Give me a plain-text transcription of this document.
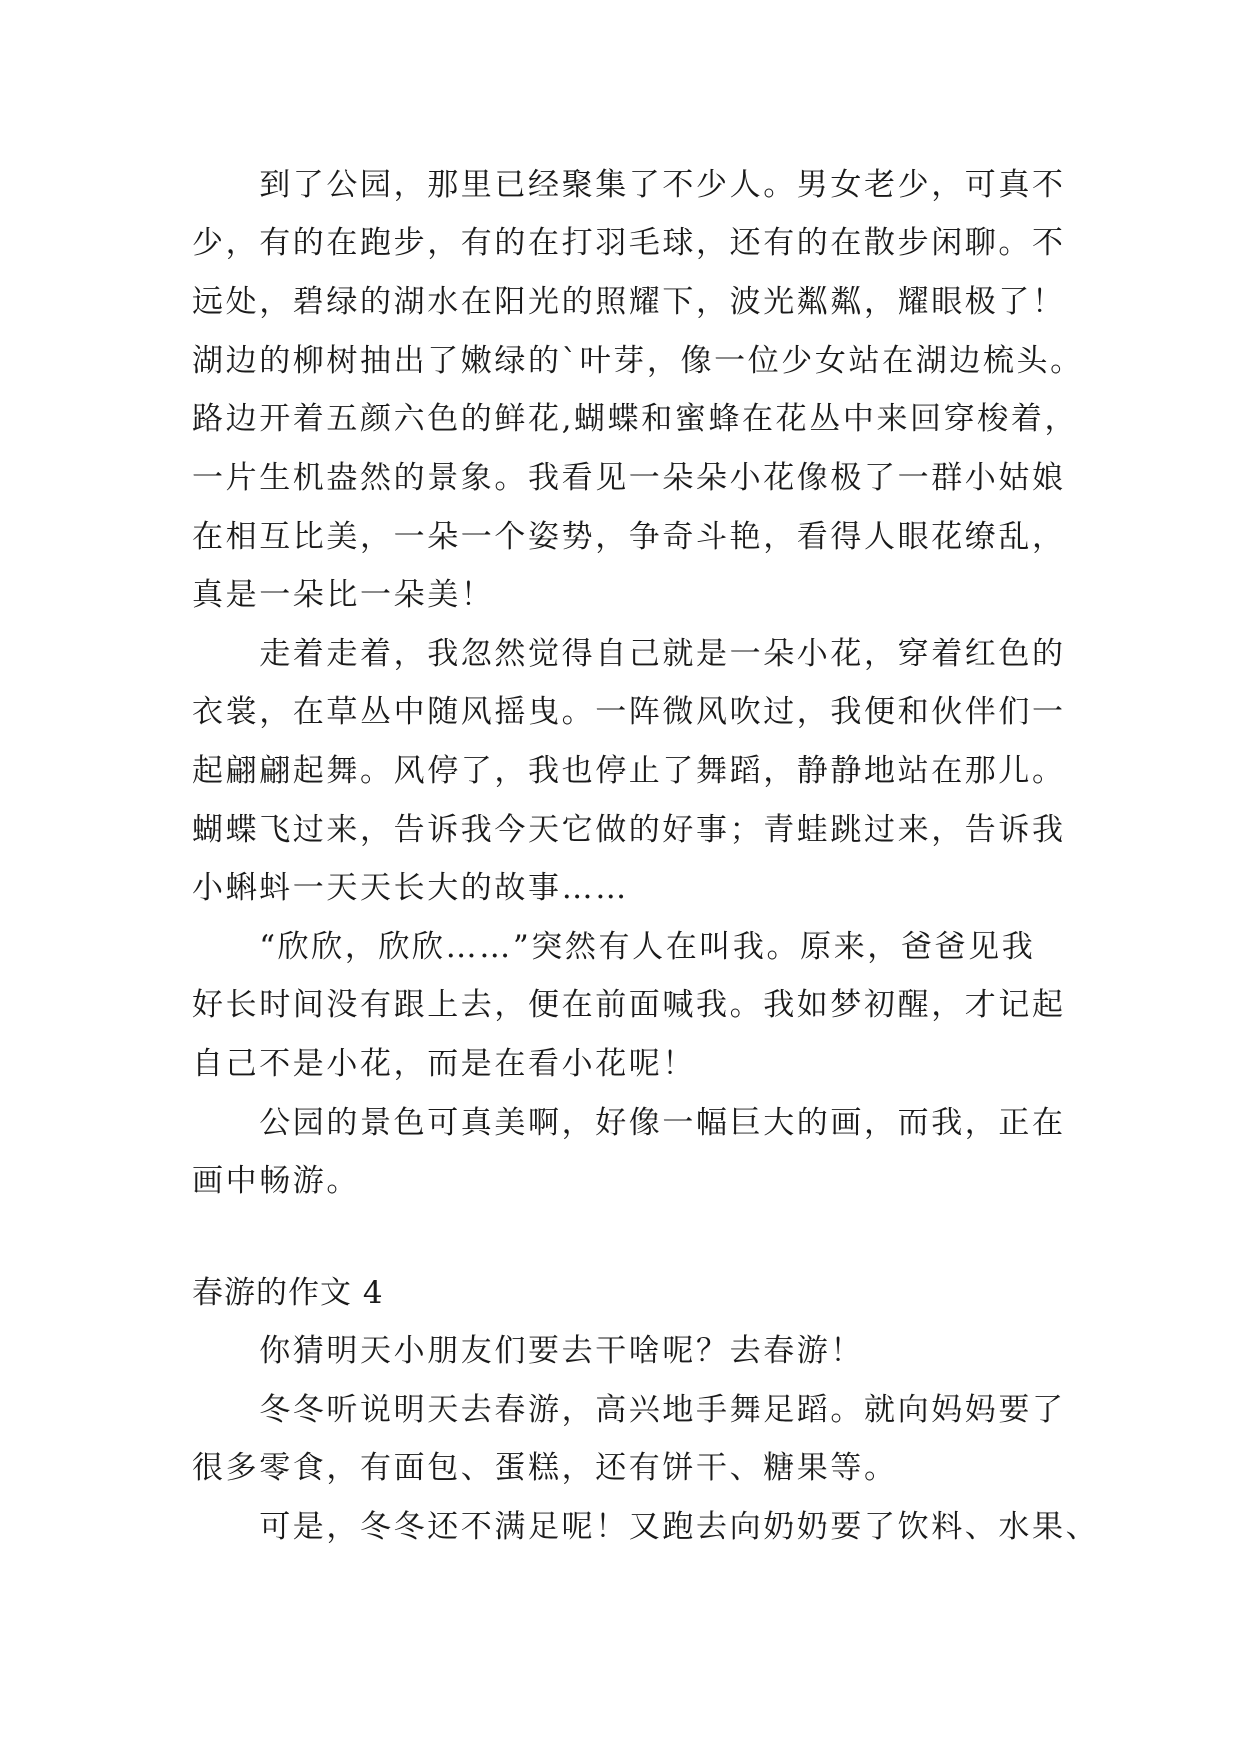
　　到了公园，那里已经聚集了不少人。男女老少，可真不

少，有的在跑步，有的在打羽毛球，还有的在散步闲聊。不

远处，碧绿的湖水在阳光的照耀下，波光粼粼，耀眼极了！

湖边的柳树抽出了嫩绿的`叶芽，像一位少女站在湖边梳头。

路边开着五颜六色的鲜花,蝴蝶和蜜蜂在花丛中来回穿梭着，

一片生机盎然的景象。我看见一朵朵小花像极了一群小姑娘

在相互比美，一朵一个姿势，争奇斗艳，看得人眼花缭乱，

真是一朵比一朵美！

　　走着走着，我忽然觉得自己就是一朵小花，穿着红色的

衣裳，在草丛中随风摇曳。一阵微风吹过，我便和伙伴们一

起翩翩起舞。风停了，我也停止了舞蹈，静静地站在那儿。

蝴蝶飞过来，告诉我今天它做的好事；青蛙跳过来，告诉我

小蝌蚪一天天长大的故事……

　　“欣欣，欣欣……”突然有人在叫我。原来，爸爸见我

好长时间没有跟上去，便在前面喊我。我如梦初醒，才记起

自己不是小花，而是在看小花呢！

　　公园的景色可真美啊，好像一幅巨大的画，而我，正在

画中畅游。

春游的作文 4

　　你猜明天小朋友们要去干啥呢？去春游！

　　冬冬听说明天去春游，高兴地手舞足蹈。就向妈妈要了

很多零食，有面包、蛋糕，还有饼干、糖果等。

　　可是，冬冬还不满足呢！又跑去向奶奶要了饮料、水果、
